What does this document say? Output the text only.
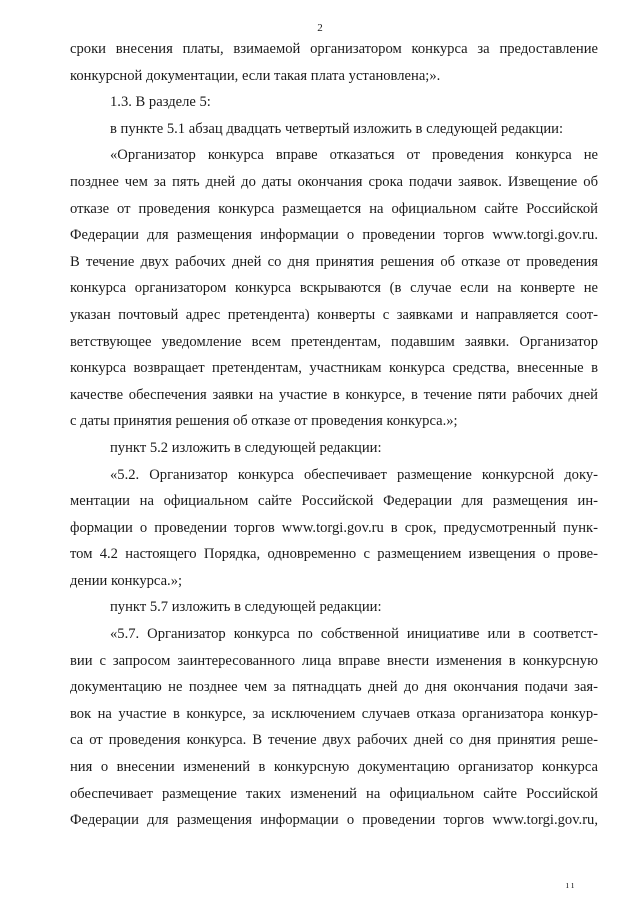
2

сроки внесения платы, взимаемой организатором конкурса за предоставление

конкурсной документации, если такая плата установлена;».

1.3. В разделе 5:

в пункте 5.1 абзац двадцать четвертый изложить в следующей редакции:

«Организатор конкурса вправе отказаться от проведения конкурса не

позднее чем за пять дней до даты окончания срока подачи заявок. Извещение об

отказе от проведения конкурса размещается на официальном сайте Российской

Федерации для размещения информации о проведении торгов www.torgi.gov.ru.

В течение двух рабочих дней со дня принятия решения об отказе от проведения

конкурса организатором конкурса вскрываются (в случае если на конверте не

указан почтовый адрес претендента) конверты с заявками и направляется соот-

ветствующее уведомление всем претендентам, подавшим заявки. Организатор

конкурса возвращает претендентам, участникам конкурса средства, внесенные в

качестве обеспечения заявки на участие в конкурсе, в течение пяти рабочих дней

с даты принятия решения об отказе от проведения конкурса.»;

пункт 5.2 изложить в следующей редакции:

«5.2. Организатор конкурса обеспечивает размещение конкурсной доку-

ментации на официальном сайте Российской Федерации для размещения ин-

формации о проведении торгов www.torgi.gov.ru в срок, предусмотренный пунк-

том 4.2 настоящего Порядка, одновременно с размещением извещения о прове-

дении конкурса.»;

пункт 5.7 изложить в следующей редакции:

«5.7. Организатор конкурса по собственной инициативе или в соответст-

вии с запросом заинтересованного лица вправе внести изменения в конкурсную

документацию не позднее чем за пятнадцать дней до дня окончания подачи зая-

вок на участие в конкурсе, за исключением случаев отказа организатора конкур-

са от проведения конкурса. В течение двух рабочих дней со дня принятия реше-

ния о внесении изменений в конкурсную документацию организатор конкурса

обеспечивает размещение таких изменений на официальном сайте Российской

Федерации для размещения информации о проведении торгов www.torgi.gov.ru,

ı ı
